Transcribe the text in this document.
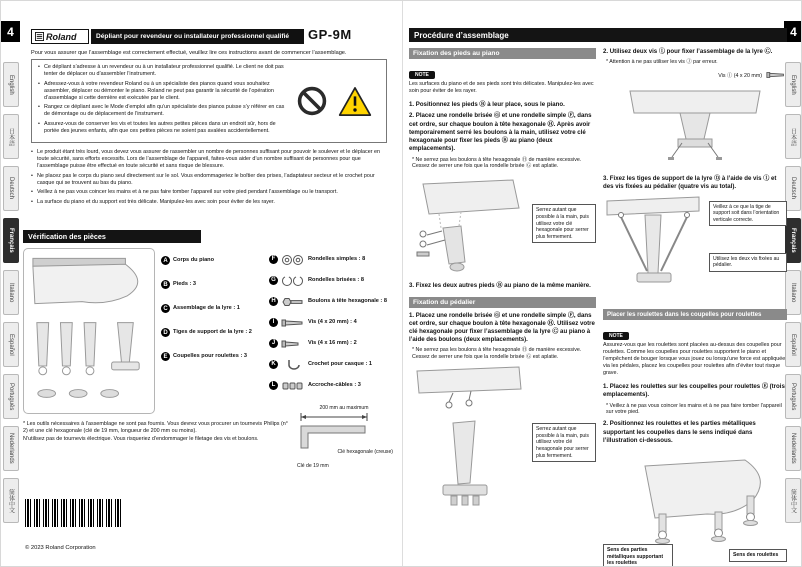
4
English
日本語
Deutsch
Français
Italiano
Español
Português
Nederlands
简体中文
Roland	Dépliant pour revendeur ou installateur professionnel qualifié	GP-9M

Pour vous assurer que l’assemblage est correctement effectué, veuillez lire ces instructions avant de commencer l’assemblage.

• Ce dépliant s’adresse à un revendeur ou à un installateur professionnel qualifié. Le client ne doit pas tenter de déplacer ou d’assembler l’instrument.
• Adressez-vous à votre revendeur Roland ou à un spécialiste des pianos quand vous souhaitez assembler, déplacer ou démonter le piano. Roland ne peut pas garantir la sécurité de l’opération d’assemblage si cette dernière est exécutée par le client.
• Rangez ce dépliant avec le Mode d’emploi afin qu’un spécialiste des pianos puisse s’y référer en cas de démontage ou de déplacement de l’instrument.
• Assurez-vous de conserver les vis et toutes les autres petites pièces dans un endroit sûr, hors de portée des jeunes enfants, afin que ces petites pièces ne soient pas avalées accidentellement.
• Le produit étant très lourd, vous devez vous assurer de rassembler un nombre de personnes suffisant pour pouvoir le soulever et le déplacer en toute sécurité, sans efforts excessifs. Lors de l’assemblage de l’appareil, faites-vous aider d’un nombre suffisant de personnes pour que l’assemblage puisse être effectué en toute sécurité et sans risque de blessure.
• Ne placez pas le corps du piano seul directement sur le sol. Vous endommageriez le boîtier des prises, l’adaptateur secteur et le crochet pour casque qui se trouvent au bas du piano.
• Veillez à ne pas vous coincer les mains et à ne pas faire tomber l’appareil sur votre pied pendant l’assemblage ou le transport.
• La surface du piano et du support est très délicate. Manipulez-les avec soin pour éviter de les rayer.
Vérification des pièces
A Corps du piano
B Pieds : 3
C Assemblage de la lyre : 1
D Tiges de support de la lyre : 2
E Coupelles pour roulettes : 3
F	Rondelles simples : 8
G	Rondelles brisées : 8
H	Boulons à tête hexagonale : 8
I	Vis (4 x 20 mm) : 4
J	Vis (4 x 16 mm) : 2
K	Crochet pour casque : 1
L	Accroche-câbles : 3
* Les outils nécessaires à l’assemblage ne sont pas fournis. Vous devrez vous procurer un tournevis Philips (n° 2) et une clé hexagonale (clé de 19 mm, longueur de 200 mm ou moins).
N’utilisez pas de tournevis électrique. Vous risqueriez d’endommager le filetage des vis et boulons.
200 mm au maximum
Clé hexagonale (creuse)
Clé de 19 mm
© 2023 Roland Corporation
4
English
日本語
Deutsch
Français
Italiano
Español
Português
Nederlands
简体中文
Procédure d’assemblage
Fixation des pieds au piano
NOTE
Les surfaces du piano et de ses pieds sont très délicates. Manipulez-les avec soin pour éviter de les rayer.

1. Positionnez les pieds Ⓑ à leur place, sous le piano.

2. Placez une rondelle brisée Ⓖ et une rondelle simple Ⓕ, dans cet ordre, sur chaque boulon à tête hexagonale Ⓗ. Après avoir temporairement serré les boulons à la main, utilisez votre clé hexagonale pour fixer les pieds Ⓑ au piano (deux emplacements).

* Ne serrez pas les boulons à tête hexagonale Ⓗ de manière excessive. Cessez de serrer une fois que la rondelle brisée Ⓖ est aplatie.

Serrez autant que possible à la main, puis utilisez votre clé hexagonale pour serrer plus fermement.

3. Fixez les deux autres pieds Ⓑ au piano de la même manière.

Fixation du pédalier

1. Placez une rondelle brisée Ⓖ et une rondelle simple Ⓕ, dans cet ordre, sur chaque boulon à tête hexagonale Ⓗ. Utilisez votre clé hexagonale pour fixer l’assemblage de la lyre Ⓒ au piano à l’aide des boulons (deux emplacements).

* Ne serrez pas les boulons à tête hexagonale Ⓗ de manière excessive. Cessez de serrer une fois que la rondelle brisée Ⓖ est aplatie.

Serrez autant que possible à la main, puis utilisez votre clé hexagonale pour serrer plus fermement.

2. Utilisez deux vis Ⓘ pour fixer l’assemblage de la lyre Ⓒ.

* Attention à ne pas utiliser les vis Ⓙ par erreur.

Vis Ⓘ (4 x 20 mm)

3. Fixez les tiges de support de la lyre Ⓓ à l’aide de vis Ⓘ et des vis fixées au pédalier (quatre vis au total).

Veillez à ce que la tige de support soit dans l’orientation verticale correcte.
Utilisez les deux vis fixées au pédalier.
Placer les roulettes dans les coupelles pour roulettes
NOTE
Assurez-vous que les roulettes sont placées au-dessus des coupelles pour roulettes. Comme les coupelles pour roulettes supportent le piano et l’empêchent de bouger lorsque vous jouez ou lorsqu’une force est appliquée via les pédales, placez les coupelles pour roulettes afin d’éviter tout risque grave.

1. Placez les roulettes sur les coupelles pour roulettes Ⓔ (trois emplacements).

* Veillez à ne pas vous coincer les mains et à ne pas faire tomber l’appareil sur votre pied.

2. Positionnez les roulettes et les parties métalliques supportant les coupelles dans le sens indiqué dans l’illustration ci-dessous.

Sens des parties métalliques supportant les roulettes
Sens des roulettes
